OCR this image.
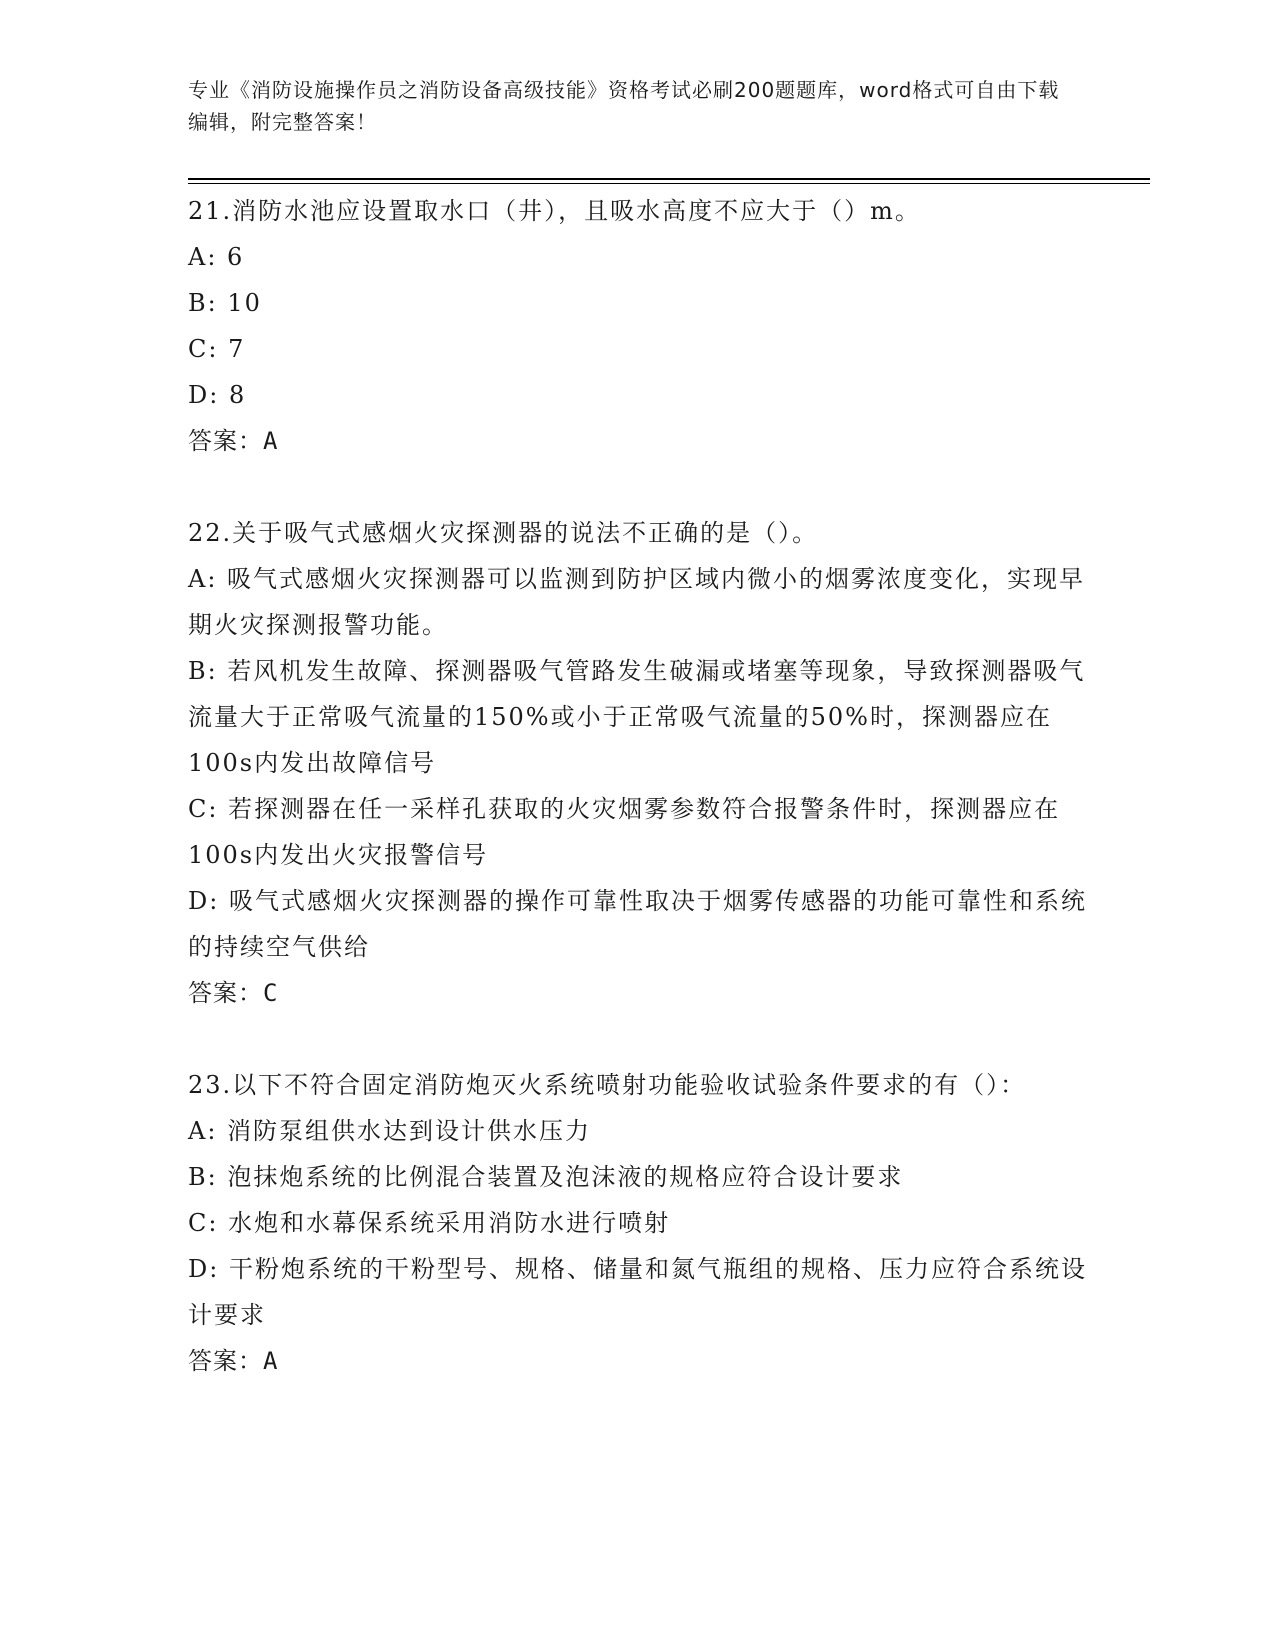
专业《消防设施操作员之消防设备高级技能》资格考试必刷200题题库，word格式可自由下载编辑，附完整答案！

21.消防水池应设置取水口（井），且吸水高度不应大于（）m。

A: 6

B: 10

C: 7

D: 8

答案：A

22.关于吸气式感烟火灾探测器的说法不正确的是（）。

A: 吸气式感烟火灾探测器可以监测到防护区域内微小的烟雾浓度变化，实现早期火灾探测报警功能。

B: 若风机发生故障、探测器吸气管路发生破漏或堵塞等现象，导致探测器吸气流量大于正常吸气流量的150%或小于正常吸气流量的50%时，探测器应在100s内发出故障信号

C: 若探测器在任一采样孔获取的火灾烟雾参数符合报警条件时，探测器应在100s内发出火灾报警信号

D: 吸气式感烟火灾探测器的操作可靠性取决于烟雾传感器的功能可靠性和系统的持续空气供给

答案：C

23.以下不符合固定消防炮灭火系统喷射功能验收试验条件要求的有（）：

A: 消防泵组供水达到设计供水压力

B: 泡抹炮系统的比例混合装置及泡沫液的规格应符合设计要求

C: 水炮和水幕保系统采用消防水进行喷射

D: 干粉炮系统的干粉型号、规格、储量和氮气瓶组的规格、压力应符合系统设计要求

答案：A
